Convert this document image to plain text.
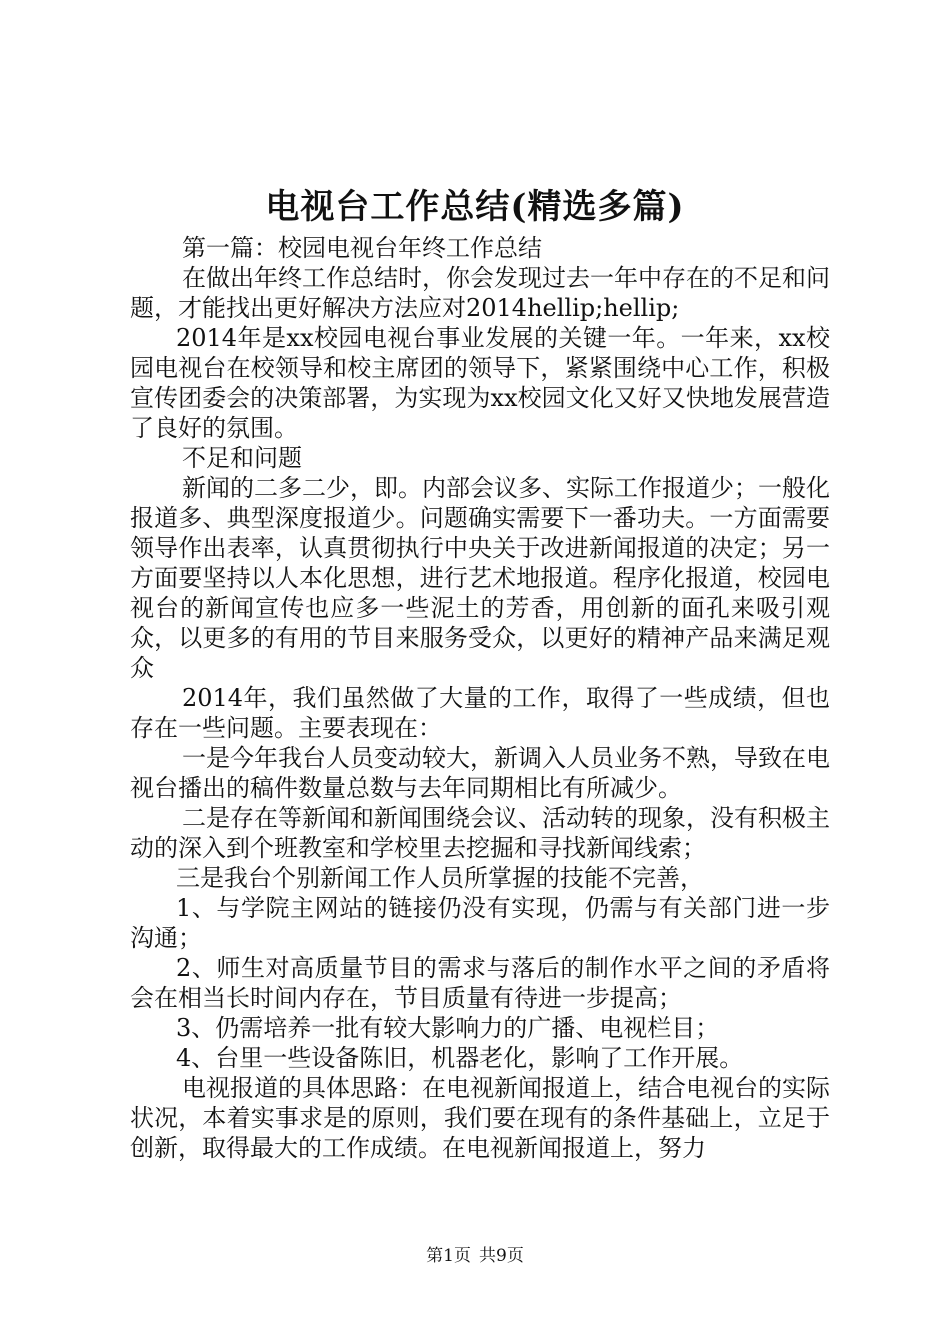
电视台工作总结(精选多篇)

第一篇：校园电视台年终工作总结

在做出年终工作总结时，你会发现过去一年中存在的不足和问题，才能找出更好解决方法应对2014hellip;hellip;

2014年是xx校园电视台事业发展的关键一年。一年来，xx校园电视台在校领导和校主席团的领导下，紧紧围绕中心工作，积极宣传团委会的决策部署，为实现为xx校园文化又好又快地发展营造了良好的氛围。

不足和问题

新闻的二多二少，即。内部会议多、实际工作报道少；一般化报道多、典型深度报道少。问题确实需要下一番功夫。一方面需要领导作出表率，认真贯彻执行中央关于改进新闻报道的决定；另一方面要坚持以人本化思想，进行艺术地报道。程序化报道，校园电视台的新闻宣传也应多一些泥土的芳香，用创新的面孔来吸引观众，以更多的有用的节目来服务受众，以更好的精神产品来满足观众

2014年，我们虽然做了大量的工作，取得了一些成绩，但也存在一些问题。主要表现在：

一是今年我台人员变动较大，新调入人员业务不熟，导致在电视台播出的稿件数量总数与去年同期相比有所减少。

二是存在等新闻和新闻围绕会议、活动转的现象，没有积极主动的深入到个班教室和学校里去挖掘和寻找新闻线索；

三是我台个别新闻工作人员所掌握的技能不完善，

1、与学院主网站的链接仍没有实现，仍需与有关部门进一步沟通；

2、师生对高质量节目的需求与落后的制作水平之间的矛盾将会在相当长时间内存在，节目质量有待进一步提高；

3、仍需培养一批有较大影响力的广播、电视栏目；

4、台里一些设备陈旧，机器老化，影响了工作开展。

电视报道的具体思路：在电视新闻报道上，结合电视台的实际状况，本着实事求是的原则，我们要在现有的条件基础上，立足于创新，取得最大的工作成绩。在电视新闻报道上，努力

第1页 共9页
